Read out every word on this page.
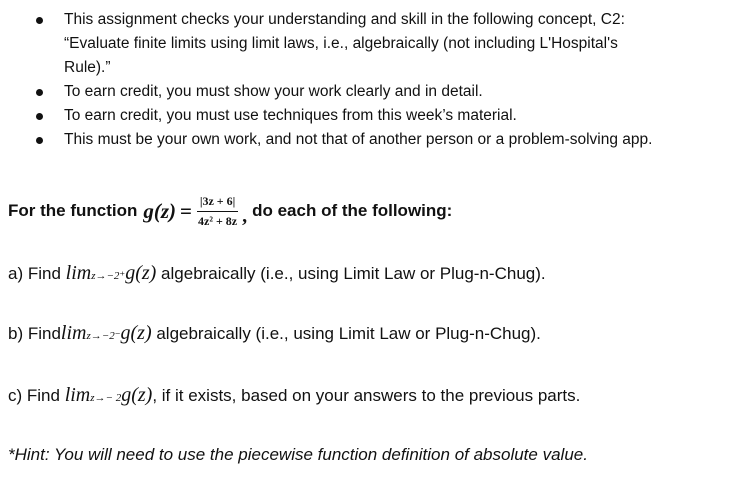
This assignment checks your understanding and skill in the following concept, C2:
“Evaluate finite limits using limit laws, i.e., algebraically (not including L'Hospital's
Rule).”
To earn credit, you must show your work clearly and in detail.
To earn credit, you must use techniques from this week’s material.
This must be your own work, and not that of another person or a problem-solving app.
For the function $g(z) = \frac{|3z + 6|}{\text{4z² + 8z}}$ , do each of the following:
a) Find limz→−2⁺g(z) algebraically (i.e., using Limit Law or Plug-n-Chug).
b) Findlimz→−2⁻g(z) algebraically (i.e., using Limit Law or Plug-n-Chug).
c) Find limz→− 2g(z), if it exists, based on your answers to the previous parts.
*Hint: You will need to use the piecewise function definition of absolute value.
